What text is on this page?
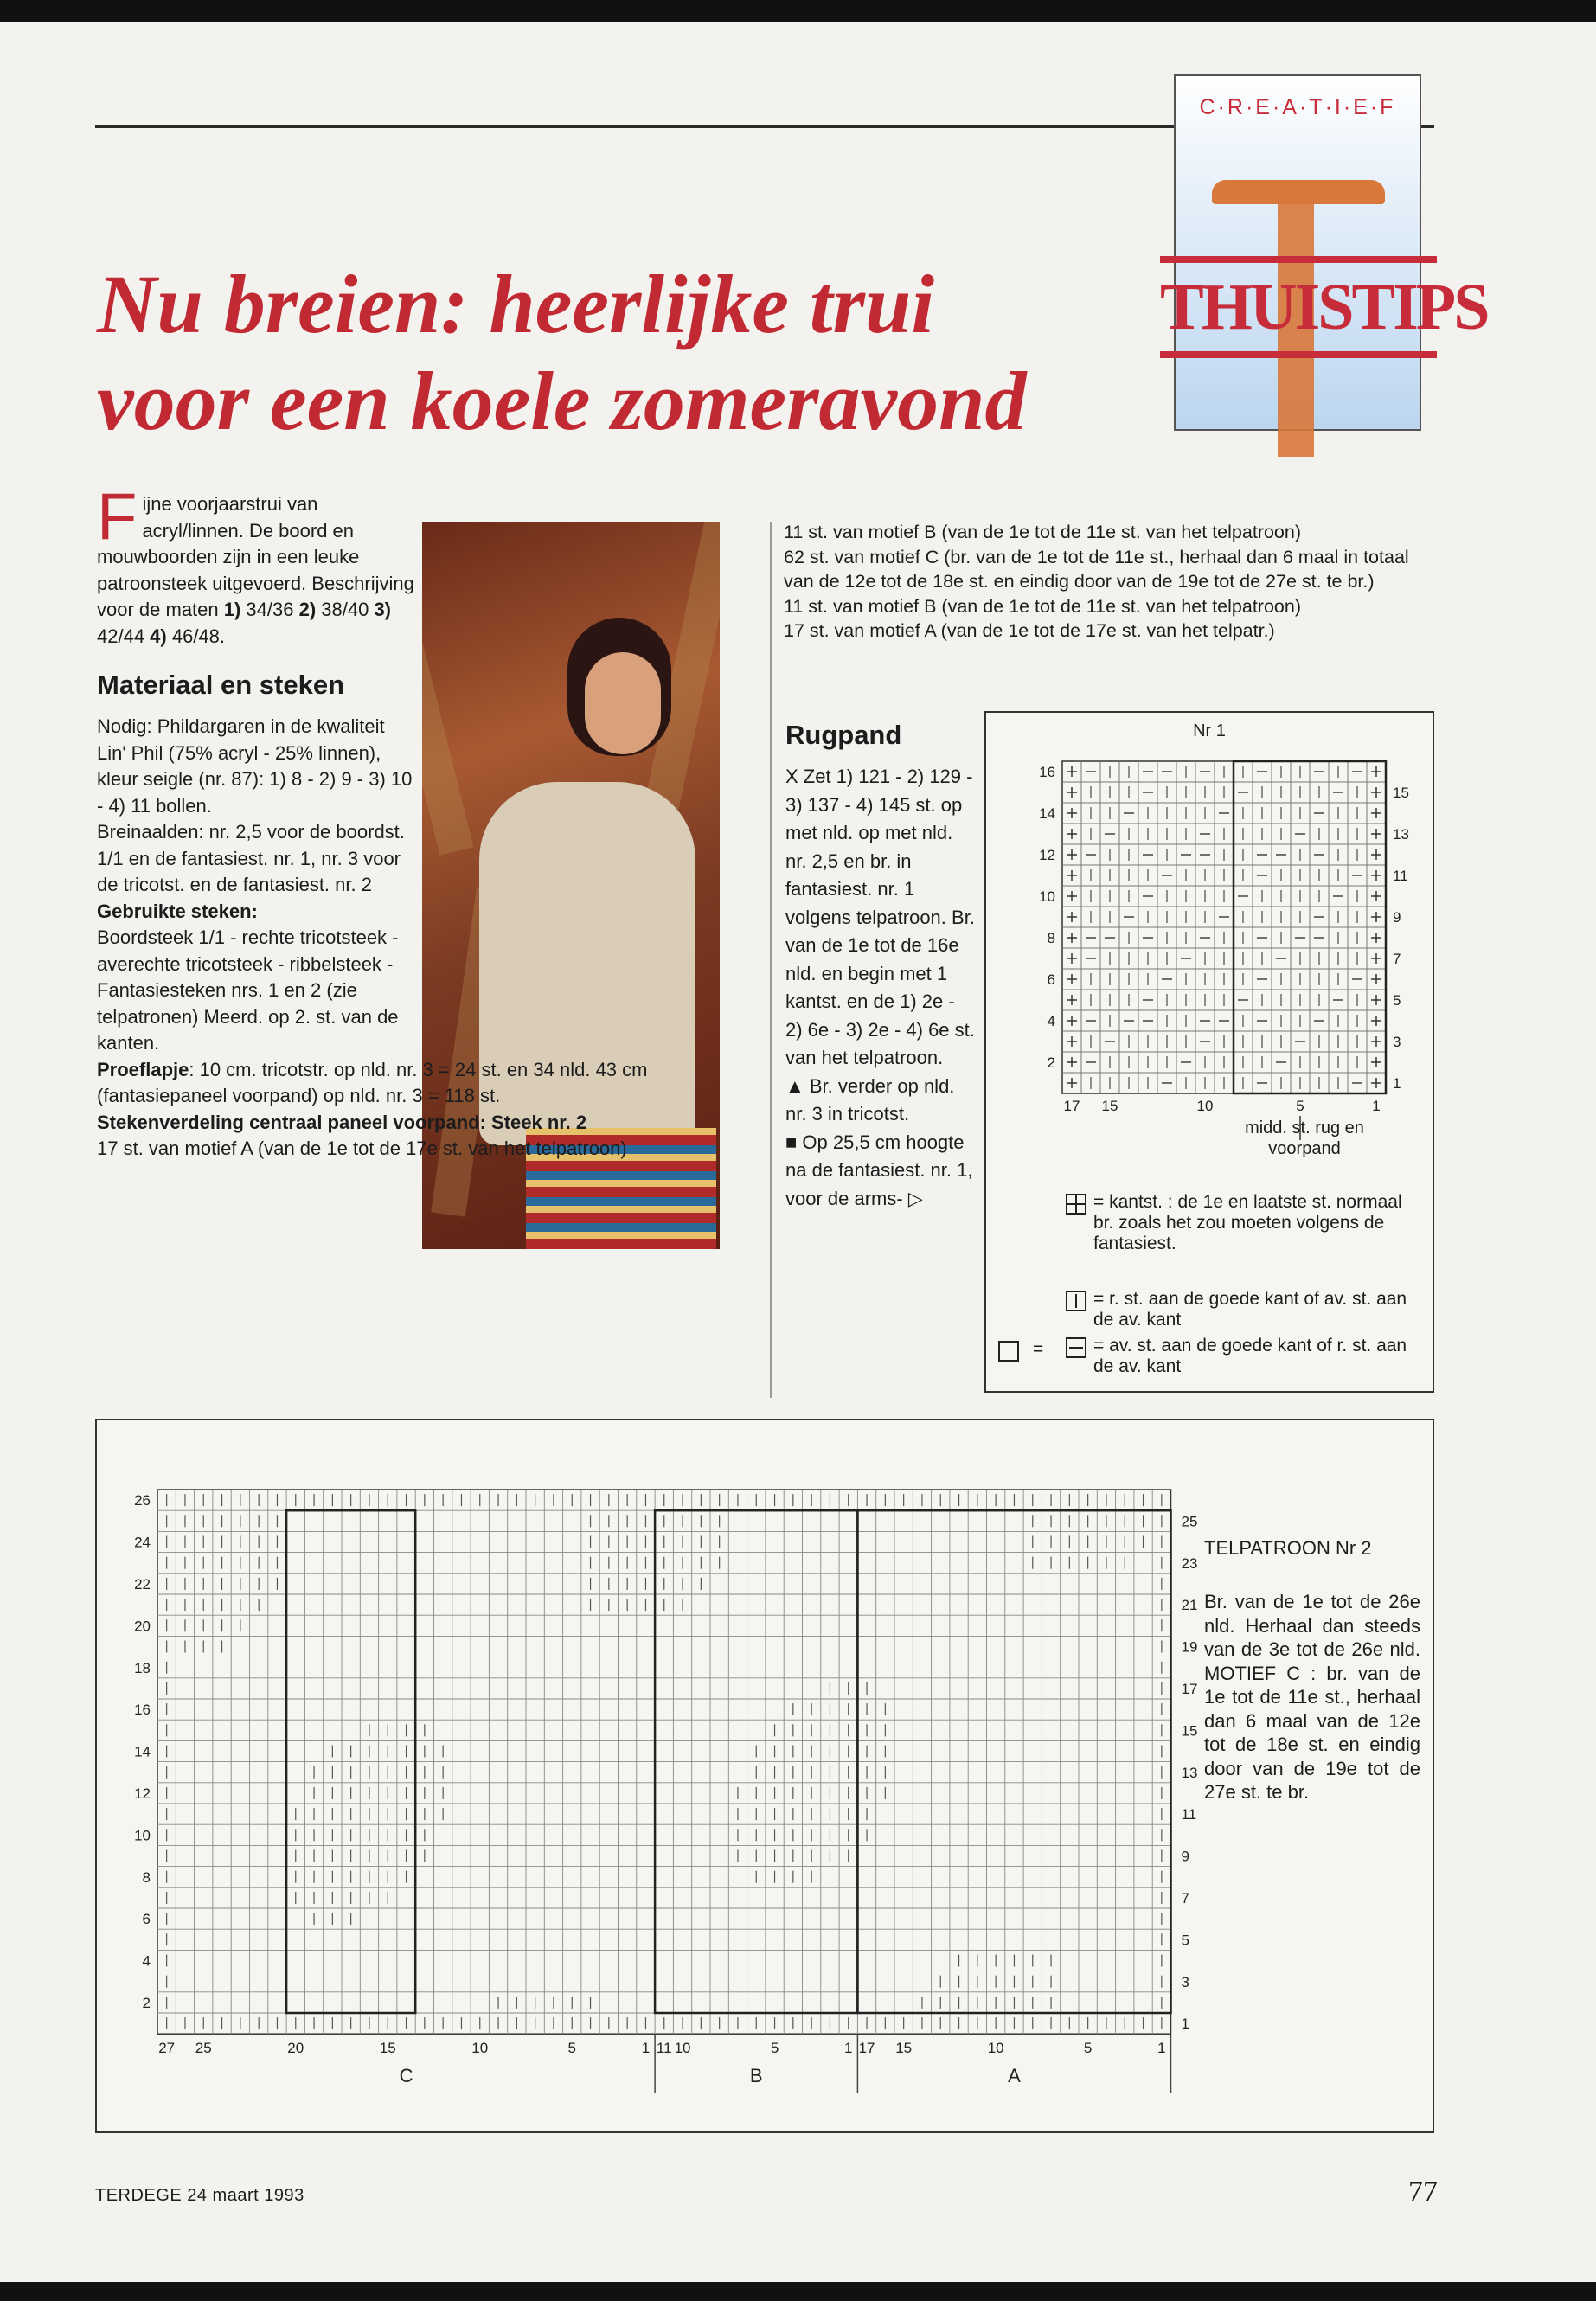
C·R·E·A·T·I·E·F
THUISTIPS
Nu breien: heerlijke trui
voor een koele zomeravond
Fijne voorjaarstrui van acryl/linnen. De boord en mouwboorden zijn in een leuke patroonsteek uitgevoerd. Beschrijving voor de maten 1) 34/36 2) 38/40 3) 42/44 4) 46/48.
Materiaal en steken

Nodig: Phildargaren in de kwaliteit Lin' Phil (75% acryl - 25% linnen), kleur seigle (nr. 87): 1) 8 - 2) 9 - 3) 10 - 4) 11 bollen.

Breinaalden: nr. 2,5 voor de boordst. 1/1 en de fantasiest. nr. 1, nr. 3 voor de tricotst. en de fantasiest. nr. 2

Gebruikte steken:

Boordsteek 1/1 - rechte tricotsteek - averechte tricotsteek - ribbelsteek - Fantasiesteken nrs. 1 en 2 (zie telpatronen) Meerd. op 2. st. van de kanten.

Proeflapje: 10 cm. tricotstr. op nld. nr. 3 = 24 st. en 34 nld. 43 cm (fantasiepaneel voorpand) op nld. nr. 3 = 118 st.

Stekenverdeling centraal paneel voorpand: Steek nr. 2

17 st. van motief A (van de 1e tot de 17e st. van het telpatroon)

11 st. van motief B (van de 1e tot de 11e st. van het telpatroon)

62 st. van motief C (br. van de 1e tot de 11e st., herhaal dan 6 maal in totaal van de 12e tot de 18e st. en eindig door van de 19e tot de 27e st. te br.)

11 st. van motief B (van de 1e tot de 11e st. van het telpatroon)

17 st. van motief A (van de 1e tot de 17e st. van het telpatr.)

Rugpand

X Zet 1) 121 - 2) 129 - 3) 137 - 4) 145 st. op met nld. op met nld. nr. 2,5 en br. in fantasiest. nr. 1 volgens telpatroon. Br. van de 1e tot de 16e nld. en begin met 1 kantst. en de 1) 2e - 2) 6e - 3) 2e - 4) 6e st. van het telpatroon.

▲ Br. verder op nld. nr. 3 in tricotst.

■ Op 25,5 cm hoogte na de fantasiest. nr. 1, voor de arms- ▷

Nr 1
16
14
12
10
8
6
4
2
15
13
11
9
7
5
3
1
17 15	10	5	1
midd. st. rug en voorpand
= kantst. : de 1e en laatste st. normaal br. zoals het zou moeten volgens de fantasiest.
= r. st. aan de goede kant of av. st. aan de av. kant
=	= av. st. aan de goede kant of r. st. aan de av. kant
26
24
22
20
18
16
14
12
10
8
6
4
2
25
23
21
19
17
15
13
11
9
7
5
3
1
27 25	20	15	10	5	1 11 10	5	1 17 15	10	5	1
C	B	A
TELPATROON Nr 2
Br. van de 1e tot de 26e nld. Herhaal dan steeds van de 3e tot de 26e nld. MOTIEF C : br. van de 1e tot de 11e st., herhaal dan 6 maal van de 12e tot de 18e st. en eindig door van de 19e tot de 27e st. te br.
TERDEGE 24 maart 1993	77
